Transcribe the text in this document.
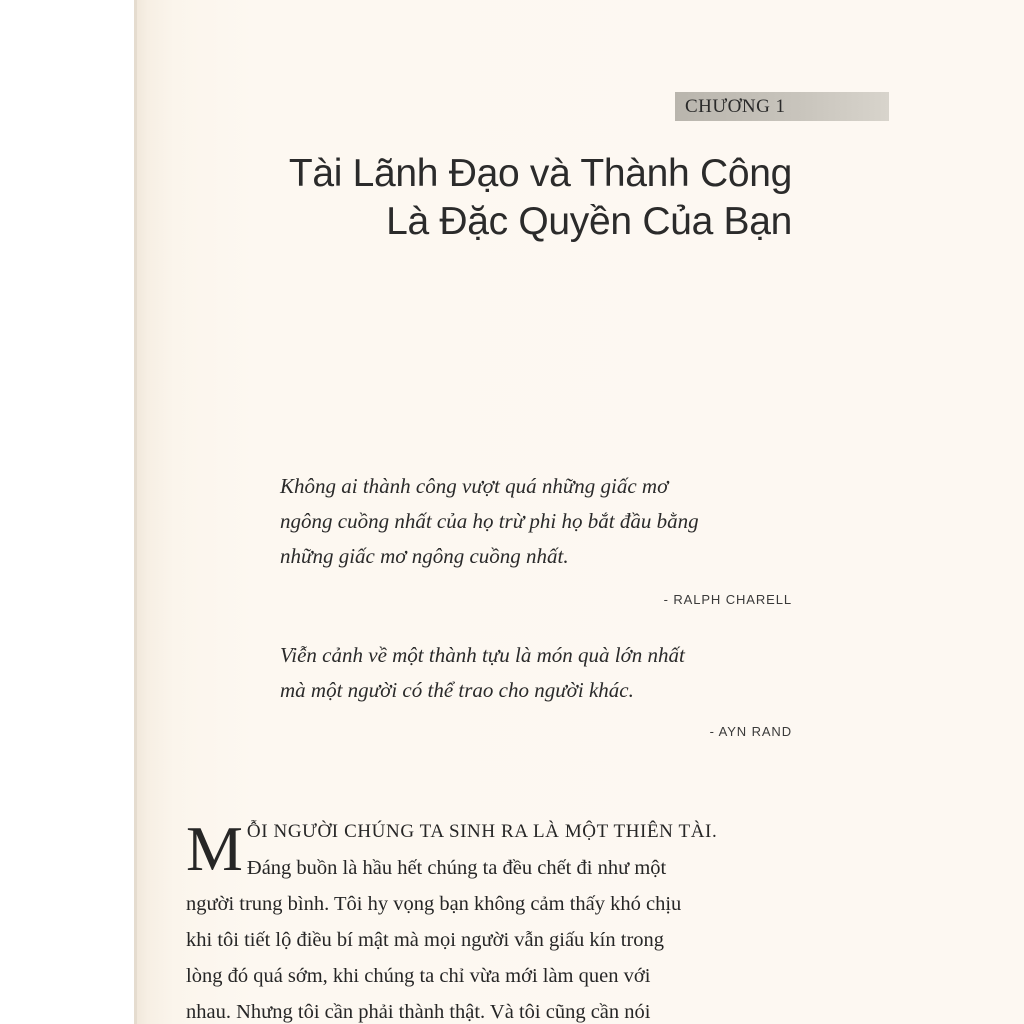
CHƯƠNG 1
Tài Lãnh Đạo và Thành Công
Là Đặc Quyền Của Bạn
Không ai thành công vượt quá những giấc mơ
ngông cuồng nhất của họ trừ phi họ bắt đầu bằng
những giấc mơ ngông cuồng nhất.
- RALPH CHARELL
Viễn cảnh về một thành tựu là món quà lớn nhất
mà một người có thể trao cho người khác.
- AYN RAND
M ỖI NGƯỜI CHÚNG TA SINH RA LÀ MỘT THIÊN TÀI.
Đáng buồn là hầu hết chúng ta đều chết đi như một
người trung bình. Tôi hy vọng bạn không cảm thấy khó chịu
khi tôi tiết lộ điều bí mật mà mọi người vẫn giấu kín trong
lòng đó quá sớm, khi chúng ta chỉ vừa mới làm quen với
nhau. Nhưng tôi cần phải thành thật. Và tôi cũng cần nói
